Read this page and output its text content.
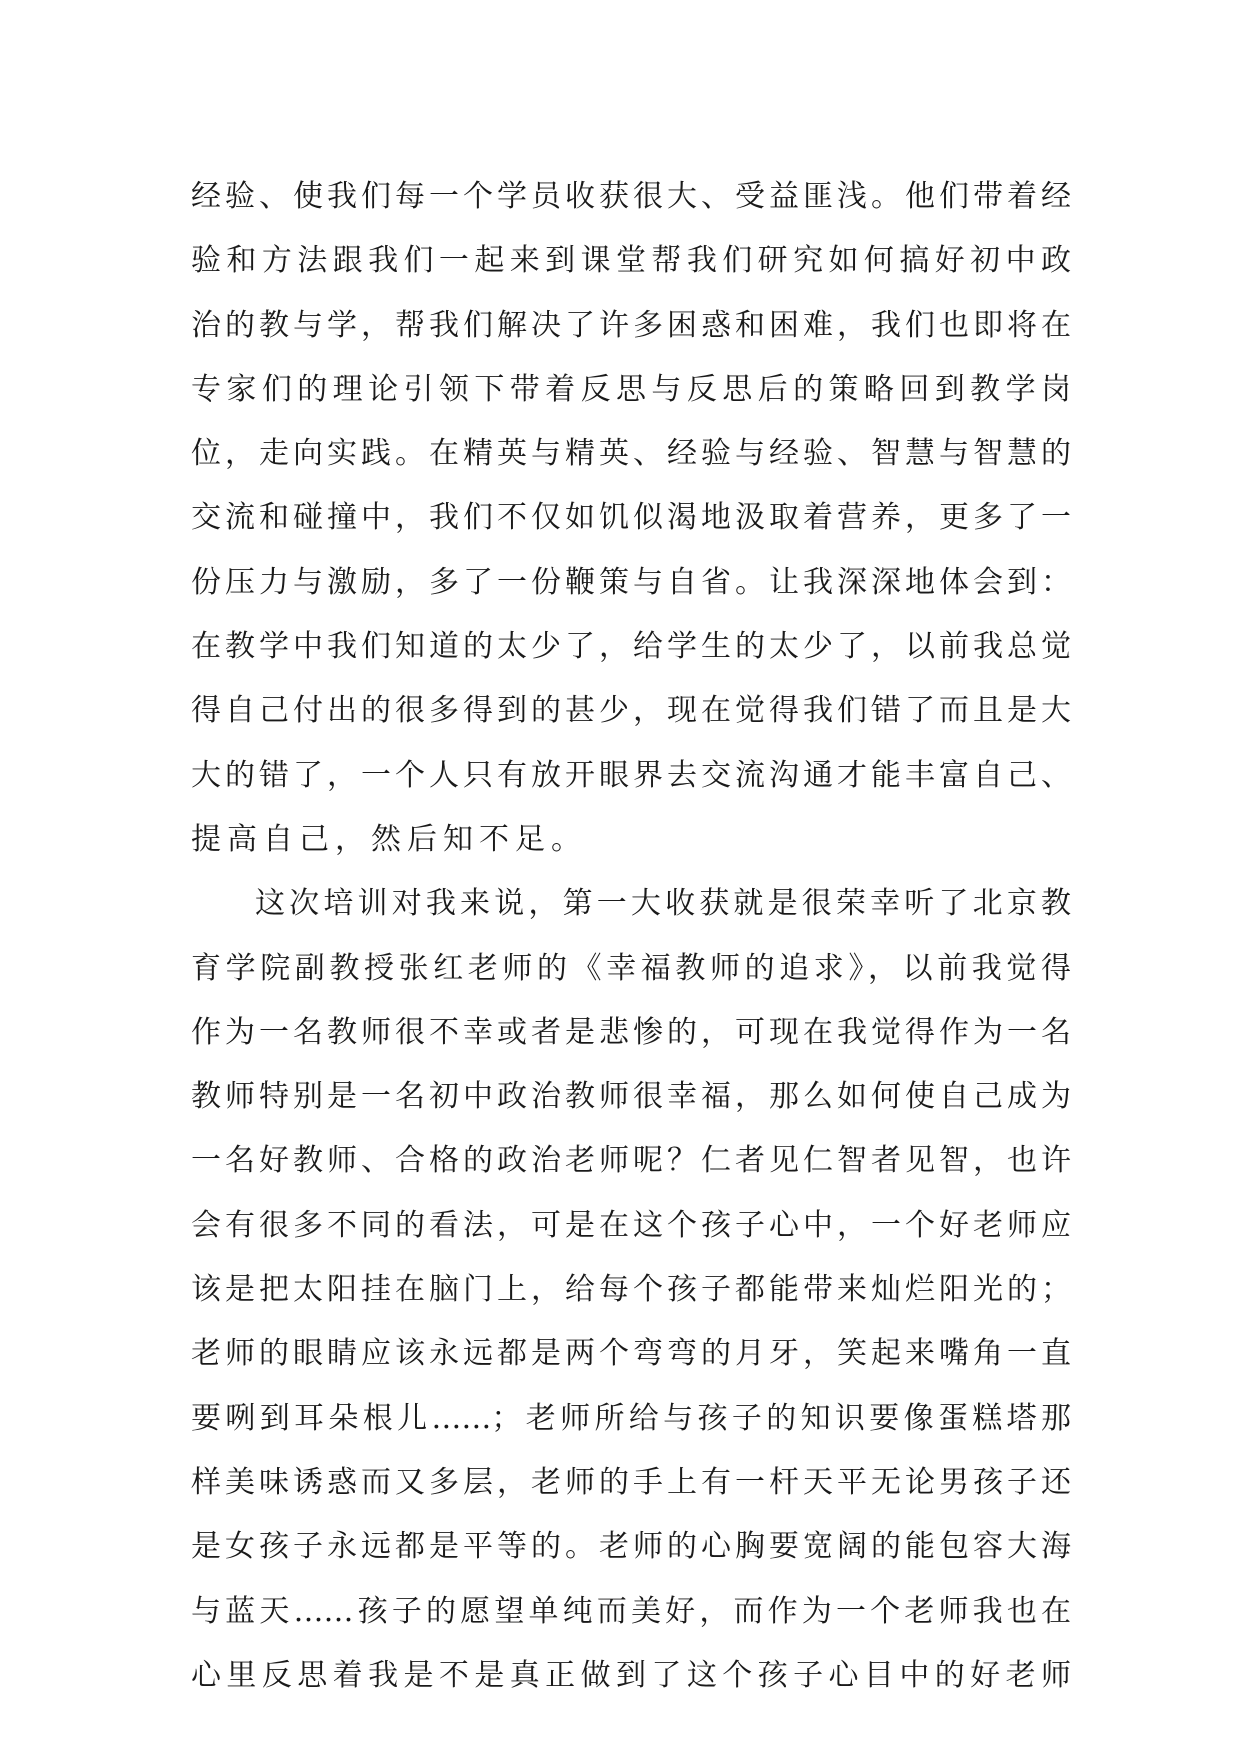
经验、使我们每一个学员收获很大、受益匪浅。他们带着经
验和方法跟我们一起来到课堂帮我们研究如何搞好初中政
治的教与学，帮我们解决了许多困惑和困难，我们也即将在
专家们的理论引领下带着反思与反思后的策略回到教学岗
位，走向实践。在精英与精英、经验与经验、智慧与智慧的
交流和碰撞中，我们不仅如饥似渴地汲取着营养，更多了一
份压力与激励，多了一份鞭策与自省。让我深深地体会到：
在教学中我们知道的太少了，给学生的太少了，以前我总觉
得自己付出的很多得到的甚少，现在觉得我们错了而且是大
大的错了，一个人只有放开眼界去交流沟通才能丰富自己、
提高自己，然后知不足。
这次培训对我来说，第一大收获就是很荣幸听了北京教
育学院副教授张红老师的《幸福教师的追求》，以前我觉得
作为一名教师很不幸或者是悲惨的，可现在我觉得作为一名
教师特别是一名初中政治教师很幸福，那么如何使自己成为
一名好教师、合格的政治老师呢？仁者见仁智者见智，也许
会有很多不同的看法，可是在这个孩子心中，一个好老师应
该是把太阳挂在脑门上，给每个孩子都能带来灿烂阳光的；
老师的眼睛应该永远都是两个弯弯的月牙，笑起来嘴角一直
要咧到耳朵根儿……；老师所给与孩子的知识要像蛋糕塔那
样美味诱惑而又多层，老师的手上有一杆天平无论男孩子还
是女孩子永远都是平等的。老师的心胸要宽阔的能包容大海
与蓝天……孩子的愿望单纯而美好，而作为一个老师我也在
心里反思着我是不是真正做到了这个孩子心目中的好老师
